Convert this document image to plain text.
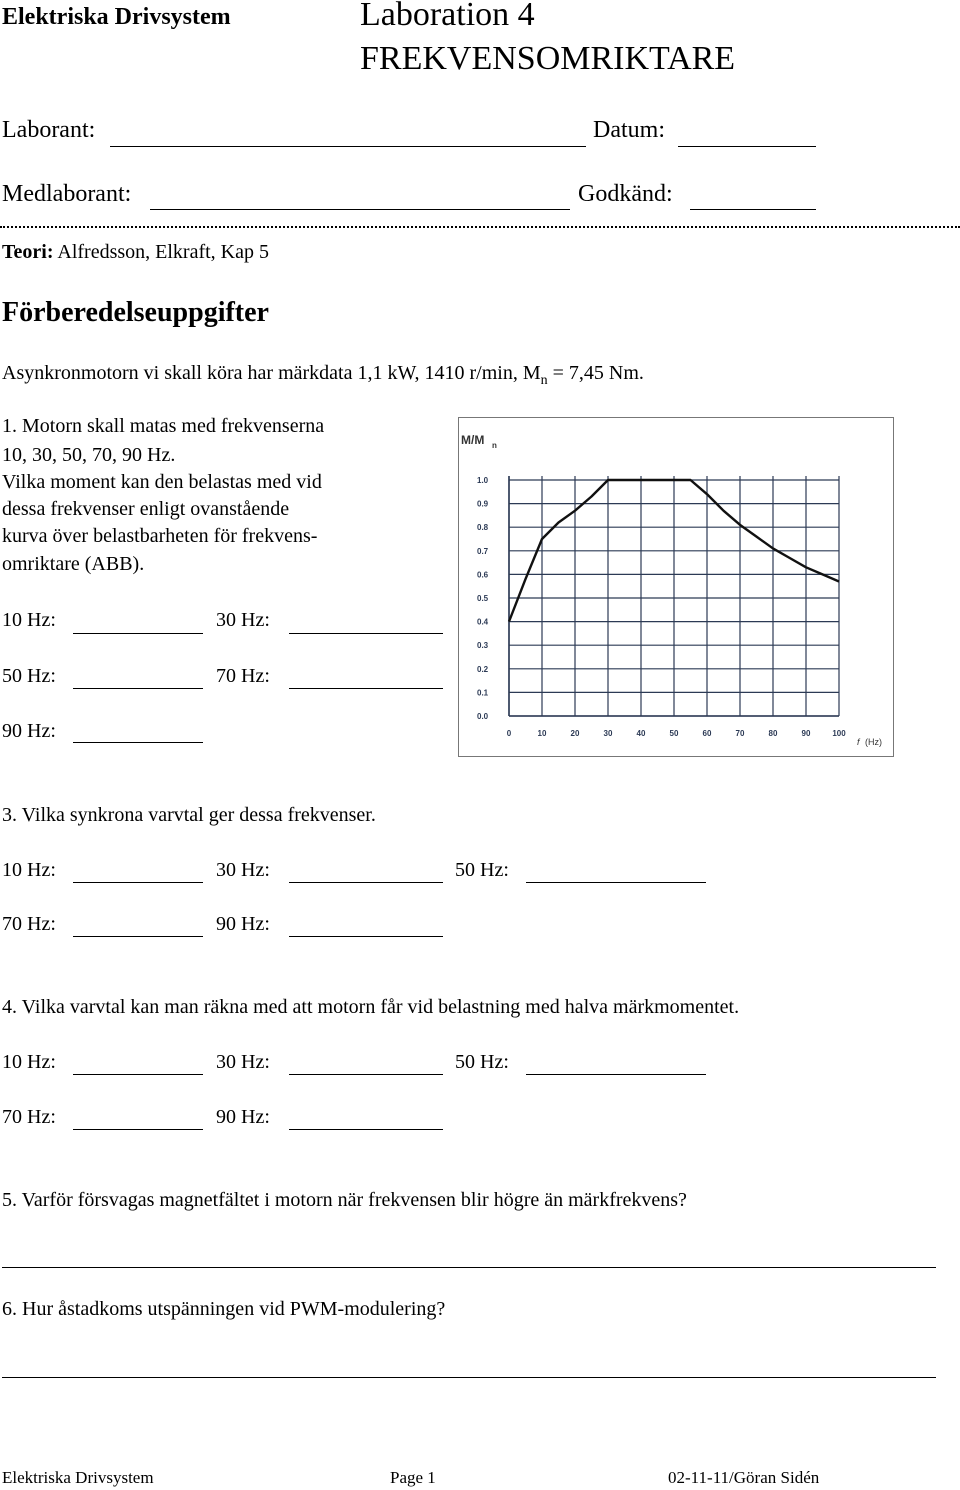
Elektriska Drivsystem	Laboration 4
FREKVENSOMRIKTARE
Laborant:	Datum:
Medlaborant:	Godkänd:
Teori: Alfredsson, Elkraft, Kap 5
Förberedelseuppgifter
Asynkronmotorn vi skall köra har märkdata 1,1 kW, 1410 r/min, $M_n = 7,45$ Nm.
1. Motorn skall matas med frekvenserna
10, 30, 50, 70, 90 Hz.
Vilka moment kan den belastas med vid
dessa frekvenser enligt ovanstående
kurva över belastbarheten för frekvens-
omriktare (ABB).
10 Hz:	30 Hz:
50 Hz:	70 Hz:
90 Hz:	0	10	20	30	40	50	60	70	80	90	100
0.0
0.1
0.2
0.3
0.4
0.5
0.6
0.7
0.8
0.9
1.0
M/M n
f (Hz)
3. Vilka synkrona varvtal ger dessa frekvenser.
10 Hz:	30 Hz:	50 Hz:
70 Hz:	90 Hz:
4. Vilka varvtal kan man räkna med att motorn får vid belastning med halva märkmomentet.
10 Hz:	30 Hz:	50 Hz:
70 Hz:	90 Hz:
5. Varför försvagas magnetfältet i motorn när frekvensen blir högre än märkfrekvens?
6. Hur åstadkoms utspänningen vid PWM-modulering?
Elektriska Drivsystem	Page 1	02-11-11/Göran Sidén
